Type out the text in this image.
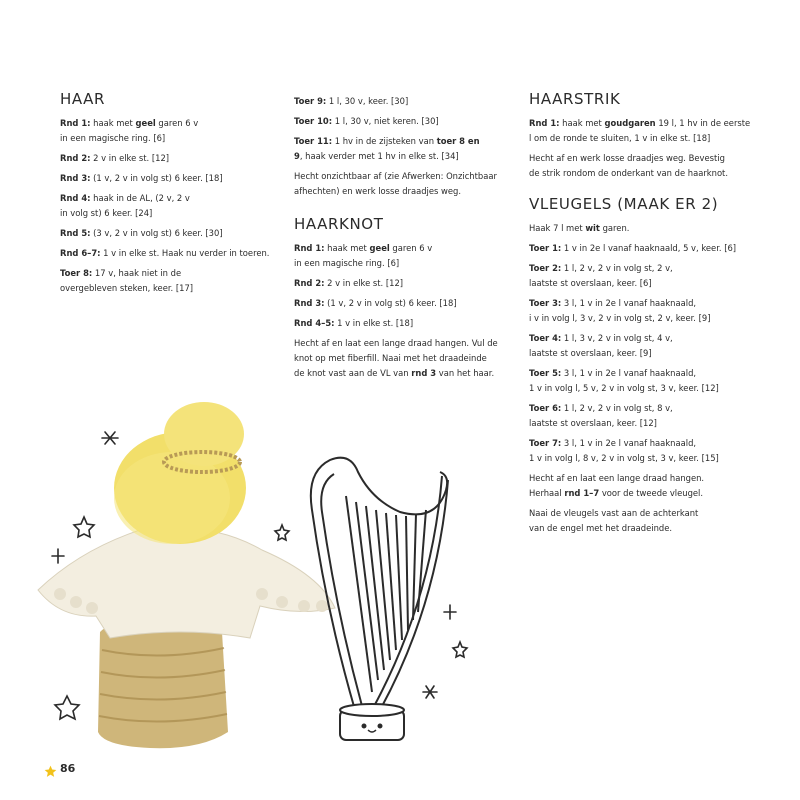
HAAR

Rnd 1: haak met geel garen 6 v
in een magische ring. [6]

Rnd 2: 2 v in elke st. [12]

Rnd 3: (1 v, 2 v in volg st) 6 keer. [18]

Rnd 4: haak in de AL, (2 v, 2 v
in volg st) 6 keer. [24]

Rnd 5: (3 v, 2 v in volg st) 6 keer. [30]

Rnd 6–7: 1 v in elke st. Haak nu verder in toeren.

Toer 8: 17 v, haak niet in de
overgebleven steken, keer. [17]

Toer 9: 1 l, 30 v, keer. [30]

Toer 10: 1 l, 30 v, niet keren. [30]

Toer 11: 1 hv in de zijsteken van toer 8 en
9, haak verder met 1 hv in elke st. [34]

Hecht onzichtbaar af (zie Afwerken: Onzichtbaar
afhechten) en werk losse draadjes weg.

HAARKNOT

Rnd 1: haak met geel garen 6 v
in een magische ring. [6]

Rnd 2: 2 v in elke st. [12]

Rnd 3: (1 v, 2 v in volg st) 6 keer. [18]

Rnd 4–5: 1 v in elke st. [18]

Hecht af en laat een lange draad hangen. Vul de
knot op met fiberfill. Naai met het draadeinde
de knot vast aan de VL van rnd 3 van het haar.

HAARSTRIK

Rnd 1: haak met goudgaren 19 l, 1 hv in de eerste
l om de ronde te sluiten, 1 v in elke st. [18]

Hecht af en werk losse draadjes weg. Bevestig
de strik rondom de onderkant van de haarknot.

VLEUGELS (MAAK ER 2)

Haak 7 l met wit garen.

Toer 1: 1 v in 2e l vanaf haaknaald, 5 v, keer. [6]

Toer 2: 1 l, 2 v, 2 v in volg st, 2 v,
laatste st overslaan, keer. [6]

Toer 3: 3 l, 1 v in 2e l vanaf haaknaald,
i v in volg l, 3 v, 2 v in volg st, 2 v, keer. [9]

Toer 4: 1 l, 3 v, 2 v in volg st, 4 v,
laatste st overslaan, keer. [9]

Toer 5: 3 l, 1 v in 2e l vanaf haaknaald,
1 v in volg l, 5 v, 2 v in volg st, 3 v, keer. [12]

Toer 6: 1 l, 2 v, 2 v in volg st, 8 v,
laatste st overslaan, keer. [12]

Toer 7: 3 l, 1 v in 2e l vanaf haaknaald,
1 v in volg l, 8 v, 2 v in volg st, 3 v, keer. [15]

Hecht af en laat een lange draad hangen.
Herhaal rnd 1–7 voor de tweede vleugel.

Naai de vleugels vast aan de achterkant
van de engel met het draadeinde.

86
